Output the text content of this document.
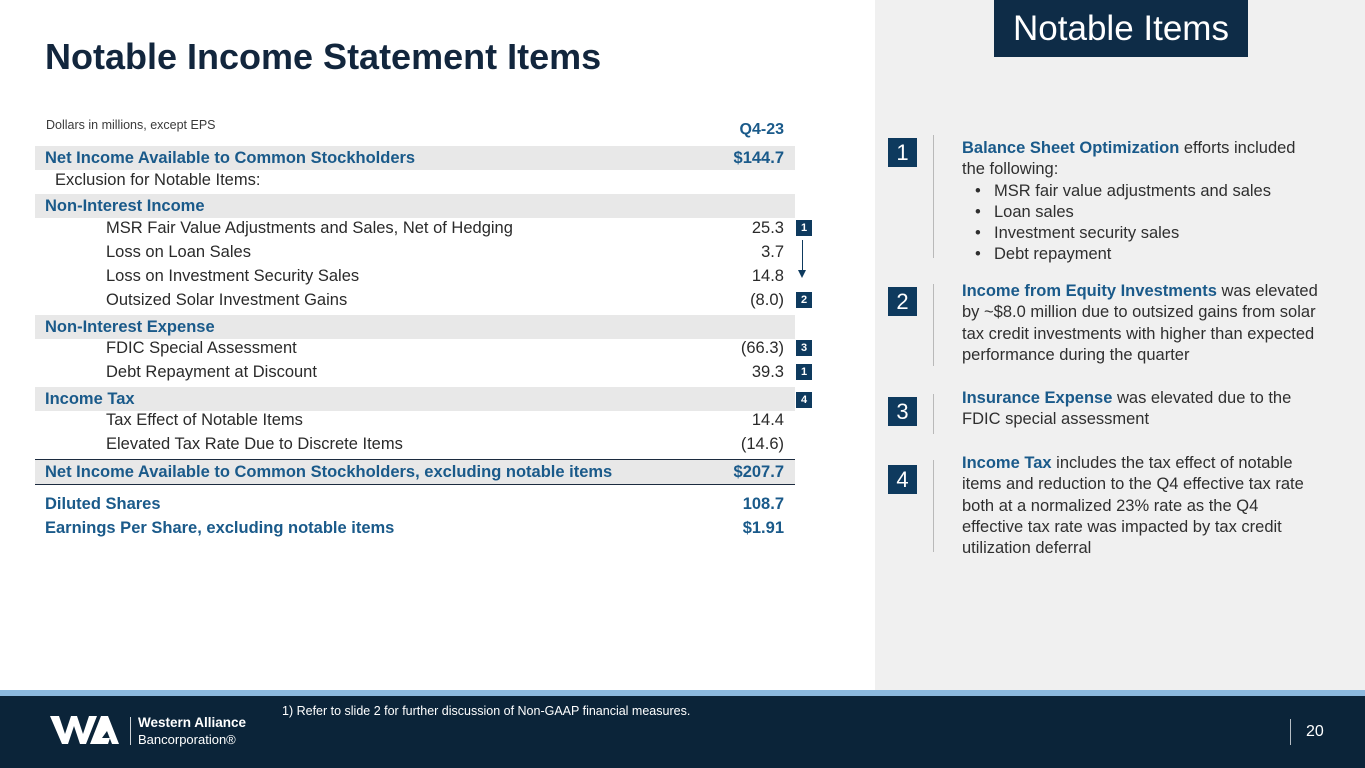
Notable Items
Notable Income Statement Items
Dollars in millions, except EPS	Q4-23
Net Income Available to Common Stockholders	$144.7
Exclusion for Notable Items:
Non-Interest Income
MSR Fair Value Adjustments and Sales, Net of Hedging	25.3
Loss on Loan Sales	3.7
Loss on Investment Security Sales	14.8
Outsized Solar Investment Gains	(8.0)
Non-Interest Expense
FDIC Special Assessment	(66.3)
Debt Repayment at Discount	39.3
Income Tax
Tax Effect of Notable Items	14.4
Elevated Tax Rate Due to Discrete Items	(14.6)
Net Income Available to Common Stockholders, excluding notable items	$207.7
Diluted Shares	108.7
Earnings Per Share, excluding notable items	$1.91
1
2
3
1
4
1	Balance Sheet Optimization efforts included the following:
• MSR fair value adjustments and sales
• Loan sales
• Investment security sales
• Debt repayment
2	Income from Equity Investments was elevated by ~$8.0 million due to outsized gains from solar tax credit investments with higher than expected performance during the quarter
3
Insurance Expense was elevated due to the FDIC special assessment
4
Income Tax includes the tax effect of notable items and reduction to the Q4 effective tax rate both at a normalized 23% rate as the Q4 effective tax rate was impacted by tax credit utilization deferral
1) Refer to slide 2 for further discussion of Non-GAAP financial measures.
Western Alliance
Bancorporation®	20
